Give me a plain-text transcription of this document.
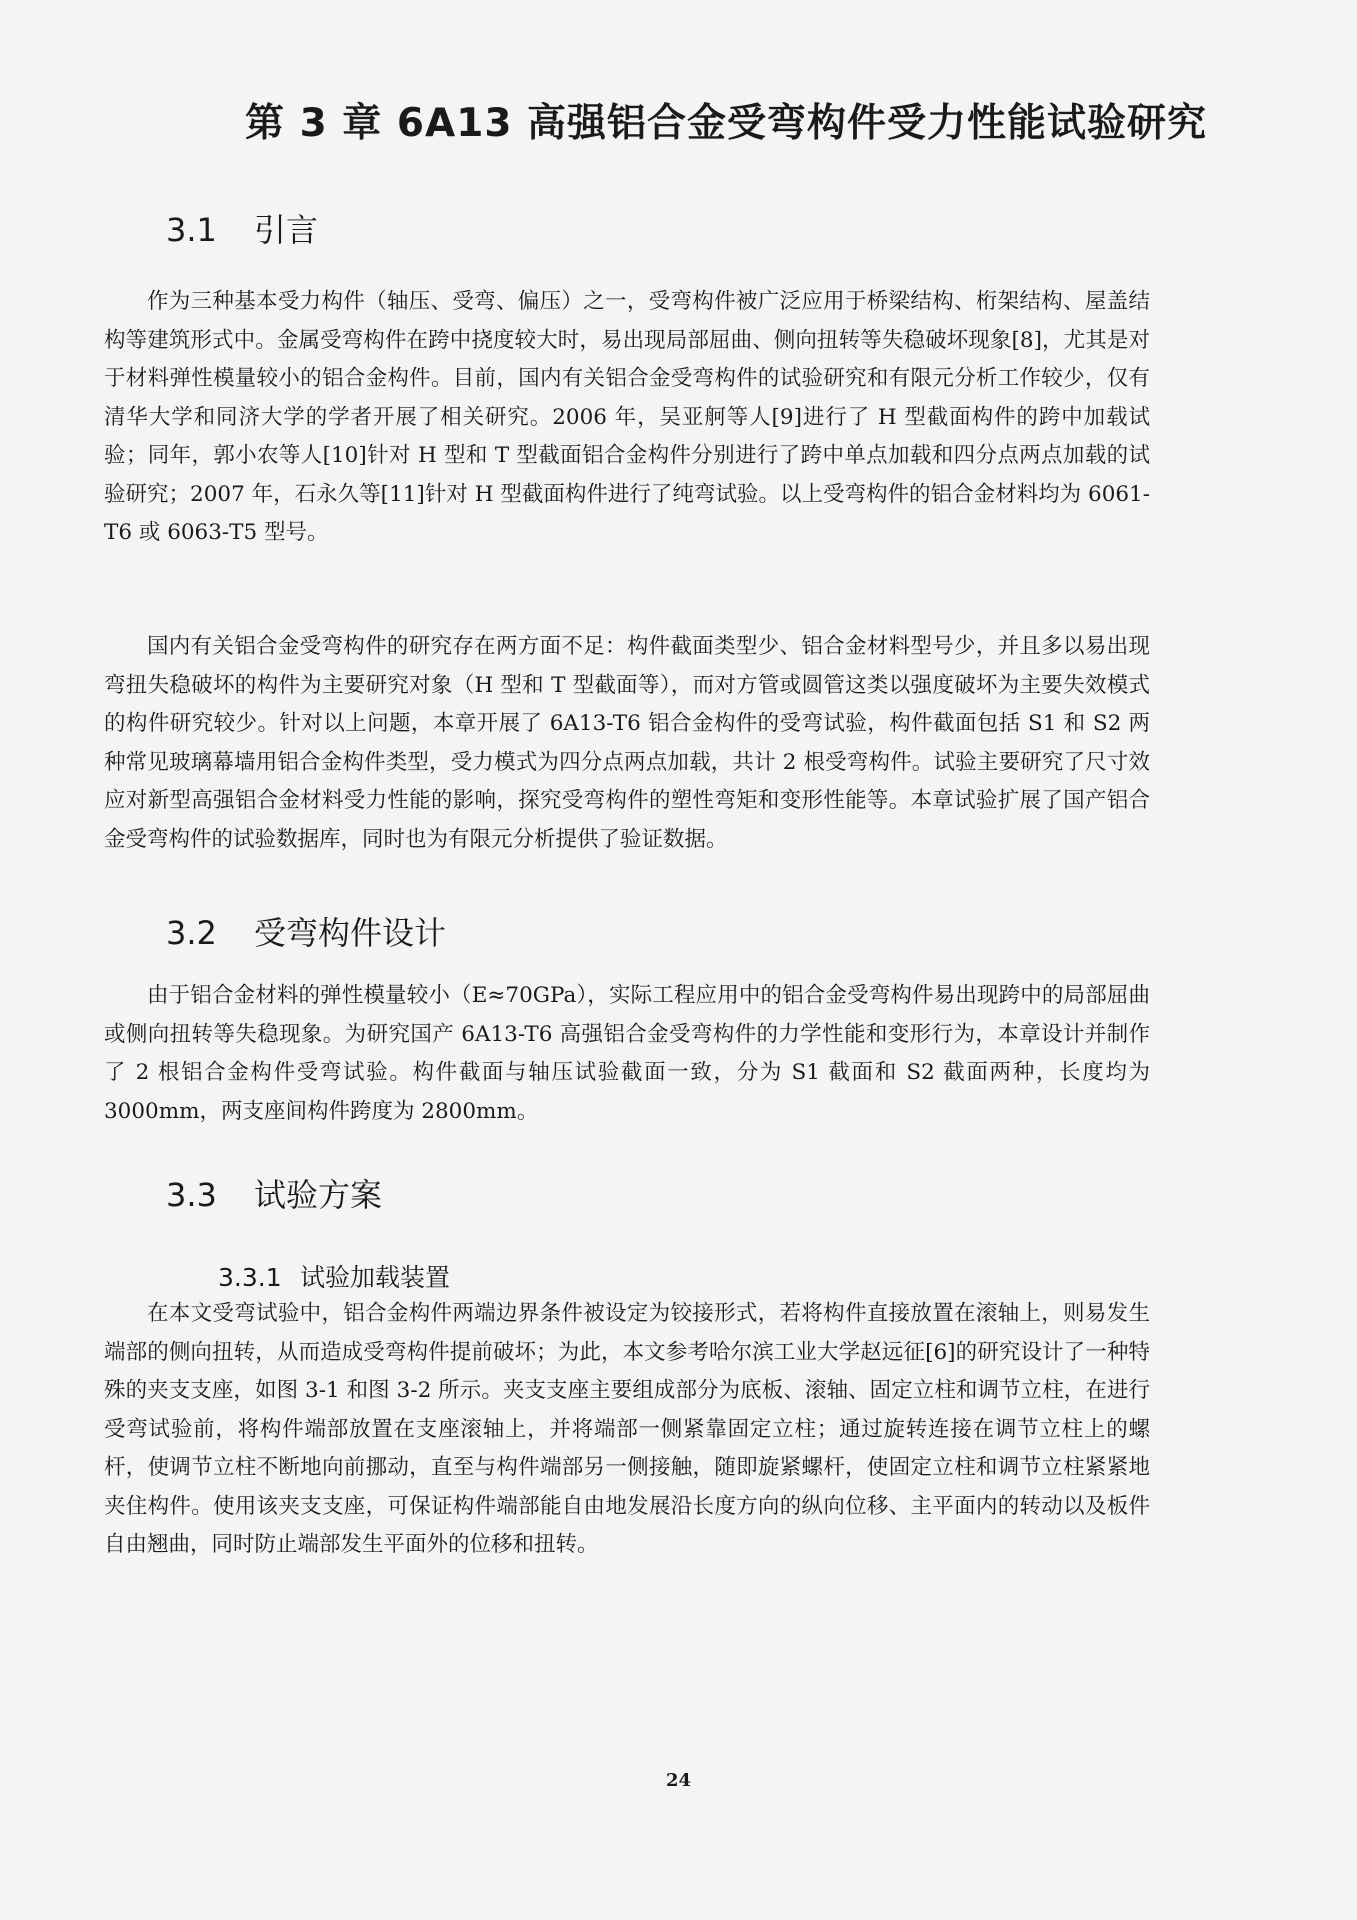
第 3 章 6A13 高强铝合金受弯构件受力性能试验研究
3.1 引言

作为三种基本受力构件（轴压、受弯、偏压）之一，受弯构件被广泛应用于桥梁结构、桁架结构、屋盖结构等建筑形式中。金属受弯构件在跨中挠度较大时，易出现局部屈曲、侧向扭转等失稳破坏现象[8]，尤其是对于材料弹性模量较小的铝合金构件。目前，国内有关铝合金受弯构件的试验研究和有限元分析工作较少，仅有清华大学和同济大学的学者开展了相关研究。2006 年，吴亚舸等人[9]进行了 H 型截面构件的跨中加载试验；同年，郭小农等人[10]针对 H 型和 T 型截面铝合金构件分别进行了跨中单点加载和四分点两点加载的试验研究；2007 年，石永久等[11]针对 H 型截面构件进行了纯弯试验。以上受弯构件的铝合金材料均为 6061-T6 或 6063-T5 型号。

国内有关铝合金受弯构件的研究存在两方面不足：构件截面类型少、铝合金材料型号少，并且多以易出现弯扭失稳破坏的构件为主要研究对象（H 型和 T 型截面等），而对方管或圆管这类以强度破坏为主要失效模式的构件研究较少。针对以上问题，本章开展了 6A13-T6 铝合金构件的受弯试验，构件截面包括 S1 和 S2 两种常见玻璃幕墙用铝合金构件类型，受力模式为四分点两点加载，共计 2 根受弯构件。试验主要研究了尺寸效应对新型高强铝合金材料受力性能的影响，探究受弯构件的塑性弯矩和变形性能等。本章试验扩展了国产铝合金受弯构件的试验数据库，同时也为有限元分析提供了验证数据。

3.2 受弯构件设计

由于铝合金材料的弹性模量较小（E≈70GPa），实际工程应用中的铝合金受弯构件易出现跨中的局部屈曲或侧向扭转等失稳现象。为研究国产 6A13-T6 高强铝合金受弯构件的力学性能和变形行为，本章设计并制作了 2 根铝合金构件受弯试验。构件截面与轴压试验截面一致，分为 S1 截面和 S2 截面两种，长度均为 3000mm，两支座间构件跨度为 2800mm。

3.3 试验方案
3.3.1 试验加载装置

在本文受弯试验中，铝合金构件两端边界条件被设定为铰接形式，若将构件直接放置在滚轴上，则易发生端部的侧向扭转，从而造成受弯构件提前破坏；为此，本文参考哈尔滨工业大学赵远征[6]的研究设计了一种特殊的夹支支座，如图 3-1 和图 3-2 所示。夹支支座主要组成部分为底板、滚轴、固定立柱和调节立柱，在进行受弯试验前，将构件端部放置在支座滚轴上，并将端部一侧紧靠固定立柱；通过旋转连接在调节立柱上的螺杆，使调节立柱不断地向前挪动，直至与构件端部另一侧接触，随即旋紧螺杆，使固定立柱和调节立柱紧紧地夹住构件。使用该夹支支座，可保证构件端部能自由地发展沿长度方向的纵向位移、主平面内的转动以及板件自由翘曲，同时防止端部发生平面外的位移和扭转。

24
